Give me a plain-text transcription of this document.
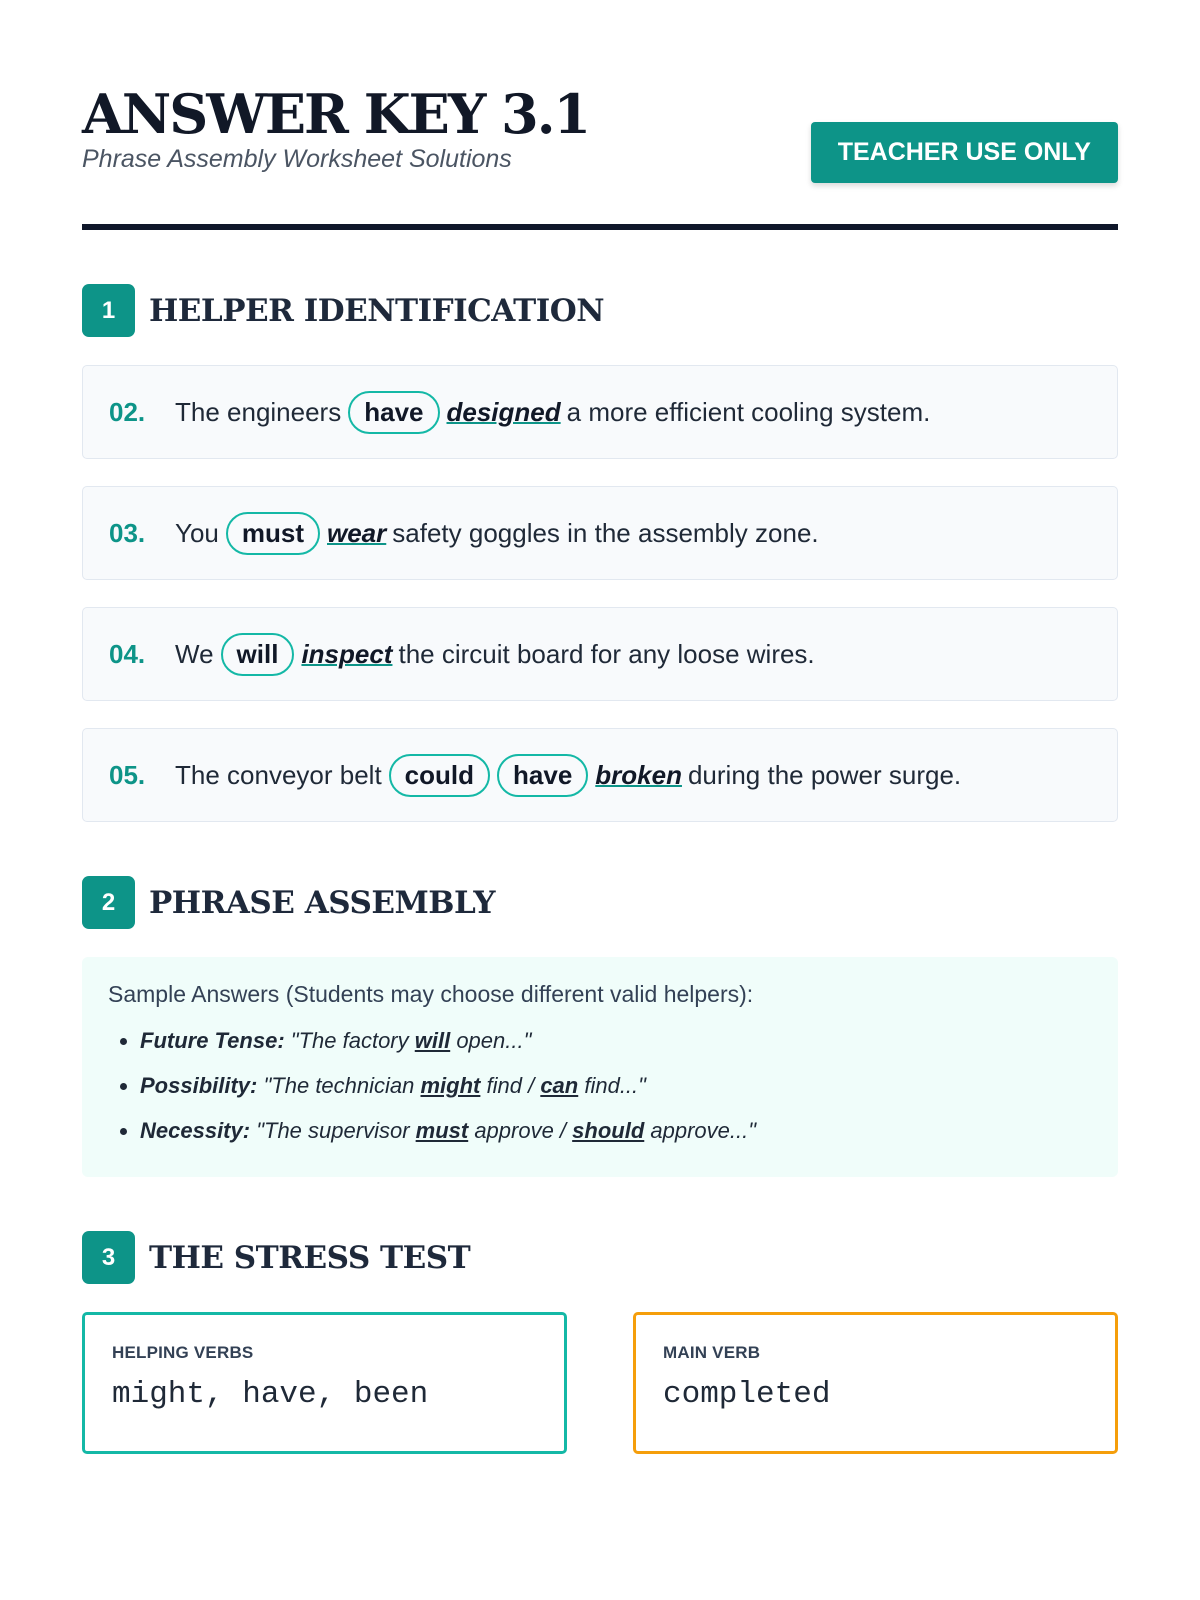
ANSWER KEY 3.1
Phrase Assembly Worksheet Solutions	TEACHER USE ONLY
1	HELPER IDENTIFICATION
02.	The engineers have designed a more efficient cooling system.
03.	You must wear safety goggles in the assembly zone.
04.	We will inspect the circuit board for any loose wires.
05.	The conveyor belt could	have broken during the power surge.
2	PHRASE ASSEMBLY

Sample Answers (Students may choose different valid helpers):

• Future Tense: "The factory will open..."
• Possibility: "The technician might find / can find..."
• Necessity: "The supervisor must approve / should approve..."
3	THE STRESS TEST
HELPING VERBS
might, have, been
MAIN VERB
completed
